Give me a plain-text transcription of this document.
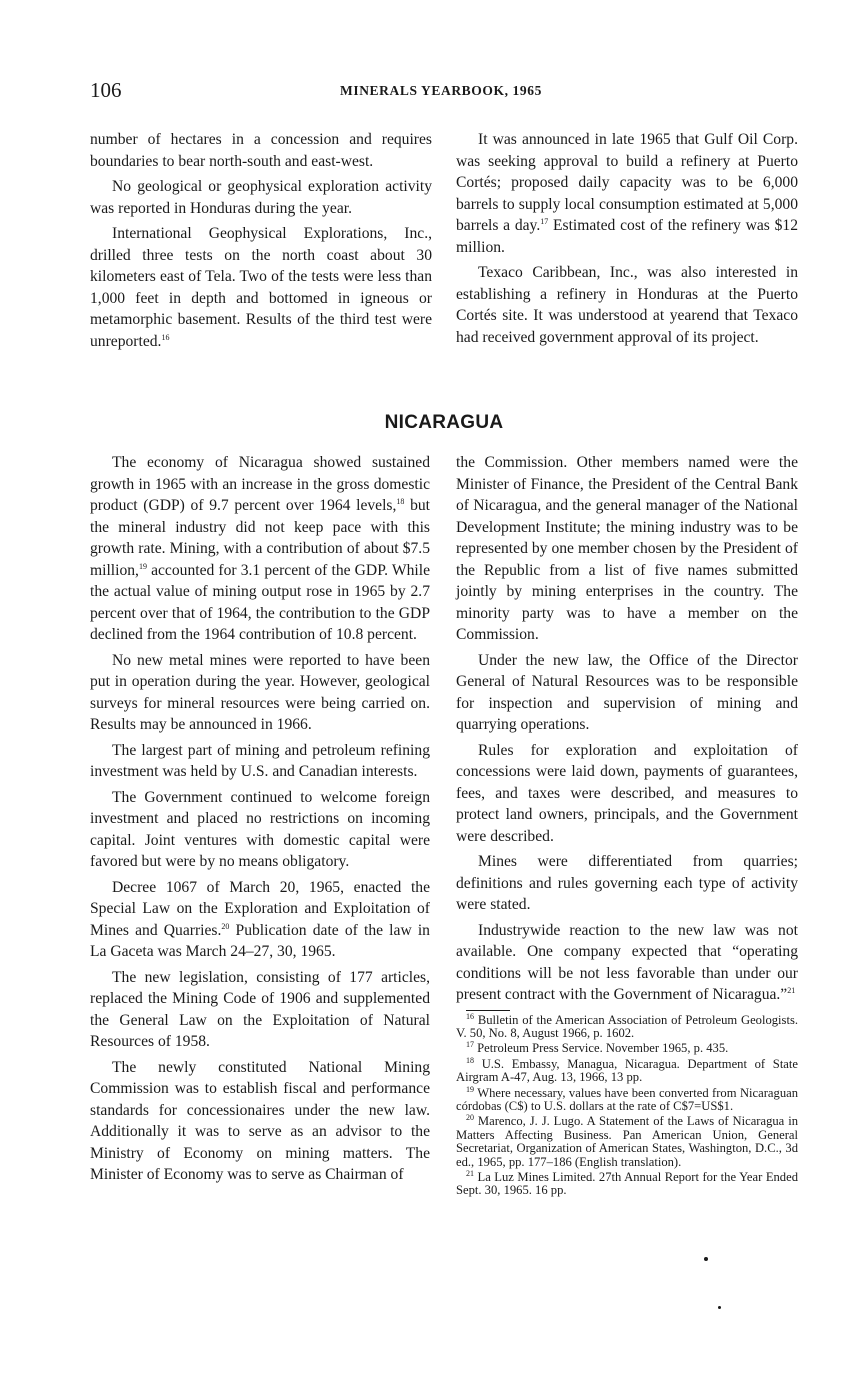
106	MINERALS YEARBOOK, 1965

number of hectares in a concession and requires boundaries to bear north-south and east-west.

No geological or geophysical exploration activity was reported in Honduras during the year.

International Geophysical Explorations, Inc., drilled three tests on the north coast about 30 kilometers east of Tela. Two of the tests were less than 1,000 feet in depth and bottomed in igneous or metamorphic basement. Results of the third test were unreported.$^{16}$

It was announced in late 1965 that Gulf Oil Corp. was seeking approval to build a refinery at Puerto Cortés; proposed daily capacity was to be 6,000 barrels to supply local consumption estimated at 5,000 barrels a day.$^{17}$ Estimated cost of the refinery was $12 million.

Texaco Caribbean, Inc., was also interested in establishing a refinery in Honduras at the Puerto Cortés site. It was understood at yearend that Texaco had received government approval of its project.

NICARAGUA

The economy of Nicaragua showed sustained growth in 1965 with an increase in the gross domestic product (GDP) of 9.7 percent over 1964 levels,$^{18}$ but the mineral industry did not keep pace with this growth rate. Mining, with a contribution of about $7.5 million,$^{19}$ accounted for 3.1 percent of the GDP. While the actual value of mining output rose in 1965 by 2.7 percent over that of 1964, the contribution to the GDP declined from the 1964 contribution of 10.8 percent.

No new metal mines were reported to have been put in operation during the year. However, geological surveys for mineral resources were being carried on. Results may be announced in 1966.

The largest part of mining and petroleum refining investment was held by U.S. and Canadian interests.

The Government continued to welcome foreign investment and placed no restrictions on incoming capital. Joint ventures with domestic capital were favored but were by no means obligatory.

Decree 1067 of March 20, 1965, enacted the Special Law on the Exploration and Exploitation of Mines and Quarries.$^{20}$ Publication date of the law in La Gaceta was March 24–27, 30, 1965.

The new legislation, consisting of 177 articles, replaced the Mining Code of 1906 and supplemented the General Law on the Exploitation of Natural Resources of 1958.

The newly constituted National Mining Commission was to establish fiscal and performance standards for concessionaires under the new law. Additionally it was to serve as an advisor to the Ministry of Economy on mining matters. The Minister of Economy was to serve as Chairman of

the Commission. Other members named were the Minister of Finance, the President of the Central Bank of Nicaragua, and the general manager of the National Development Institute; the mining industry was to be represented by one member chosen by the President of the Republic from a list of five names submitted jointly by mining enterprises in the country. The minority party was to have a member on the Commission.

Under the new law, the Office of the Director General of Natural Resources was to be responsible for inspection and supervision of mining and quarrying operations.

Rules for exploration and exploitation of concessions were laid down, payments of guarantees, fees, and taxes were described, and measures to protect land owners, principals, and the Government were described.

Mines were differentiated from quarries; definitions and rules governing each type of activity were stated.

Industrywide reaction to the new law was not available. One company expected that “operating conditions will be not less favorable than under our present contract with the Government of Nicaragua.”$^{21}$

$^{16}$ Bulletin of the American Association of Petroleum Geologists. V. 50, No. 8, August 1966, p. 1602.

$^{17}$ Petroleum Press Service. November 1965, p. 435.

$^{18}$ U.S. Embassy, Managua, Nicaragua. Department of State Airgram A-47, Aug. 13, 1966, 13 pp.

$^{19}$ Where necessary, values have been converted from Nicaraguan córdobas (C$) to U.S. dollars at the rate of C$7=US$1.

$^{20}$ Marenco, J. J. Lugo. A Statement of the Laws of Nicaragua in Matters Affecting Business. Pan American Union, General Secretariat, Organization of American States, Washington, D.C., 3d ed., 1965, pp. 177–186 (English translation).

$^{21}$ La Luz Mines Limited. 27th Annual Report for the Year Ended Sept. 30, 1965. 16 pp.
